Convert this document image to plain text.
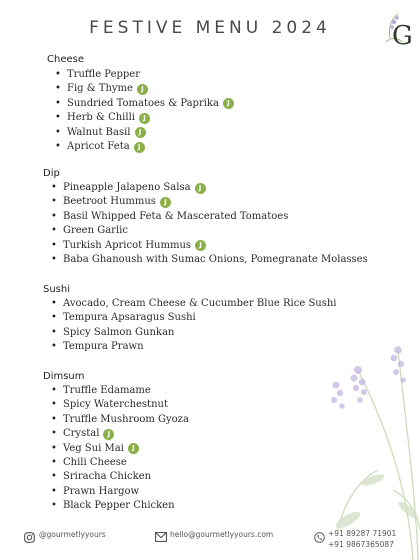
FESTIVE MENU 2024	G
Cheese
• Truffle Pepper
• Fig & Thyme	J
• Sundried Tomatoes & Paprika	J
• Herb & Chilli	J
• Walnut Basil	J
• Apricot Feta	J
Dip
• Pineapple Jalapeno Salsa	J
• Beetroot Hummus	J
• Basil Whipped Feta & Mascerated Tomatoes
• Green Garlic
• Turkish Apricot Hummus	J
• Baba Ghanoush with Sumac Onions, Pomegranate Molasses
Sushi
• Avocado, Cream Cheese & Cucumber Blue Rice Sushi
• Tempura Apsaragus Sushi
• Spicy Salmon Gunkan
• Tempura Prawn
Dimsum
• Truffle Edamame
• Spicy Waterchestnut
• Truffle Mushroom Gyoza
• Crystal	J
• Veg Sui Mai	J
• Chili Cheese
• Sriracha Chicken
• Prawn Hargow
• Black Pepper Chicken
@gourmetlyyours	hello@gourmetlyyours.com	+91 89287 71901
+91 9867365087
